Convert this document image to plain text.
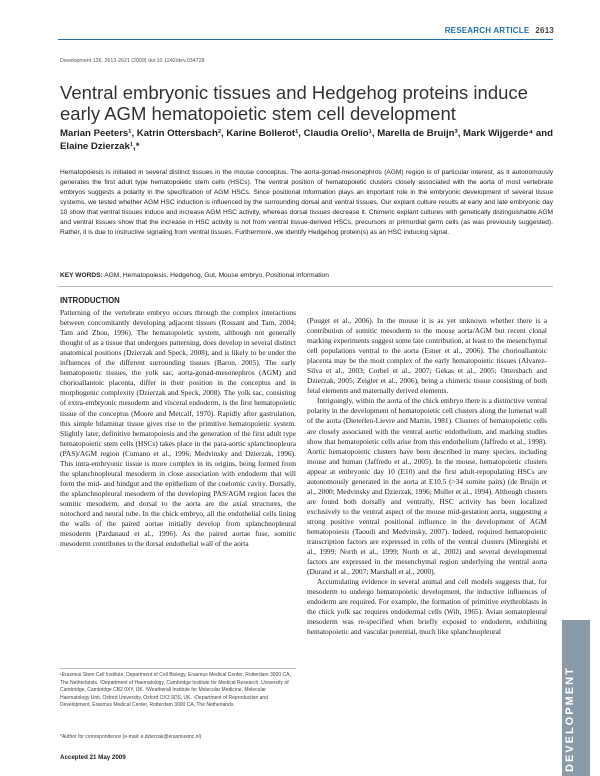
RESEARCH ARTICLE 2613
Development 136, 2613-2621 (2009) doi:10.1242/dev.034728
Ventral embryonic tissues and Hedgehog proteins induce early AGM hematopoietic stem cell development
Marian Peeters¹, Katrin Ottersbach², Karine Bollerot¹, Claudia Orelio¹, Marella de Bruijn³, Mark Wijgerde⁴ and Elaine Dzierzak¹,*
Hematopoiesis is initiated in several distinct tissues in the mouse conceptus. The aorta-gonad-mesonephros (AGM) region is of particular interest, as it autonomously generates the first adult type hematopoietic stem cells (HSCs). The ventral position of hematopoietic clusters closely associated with the aorta of most vertebrate embryos suggests a polarity in the specification of AGM HSCs. Since positional information plays an important role in the embryonic development of several tissue systems, we tested whether AGM HSC induction is influenced by the surrounding dorsal and ventral tissues. Our explant culture results at early and late embryonic day 10 show that ventral tissues induce and increase AGM HSC activity, whereas dorsal tissues decrease it. Chimeric explant cultures with genetically distinguishable AGM and ventral tissues show that the increase in HSC activity is not from ventral tissue-derived HSCs, precursors or primordial germ cells (as was previously suggested). Rather, it is due to instructive signaling from ventral tissues. Furthermore, we identify Hedgehog protein(s) as an HSC inducing signal.
KEY WORDS: AGM, Hematopoiesis, Hedgehog, Gut, Mouse embryo, Positional information
INTRODUCTION

Patterning of the vertebrate embryo occurs through the complex interactions between concomitantly developing adjacent tissues (Rossant and Tam, 2004; Tam and Zhou, 1996). The hematopoietic system, although not generally thought of as a tissue that undergoes patterning, does develop in several distinct anatomical positions (Dzierzak and Speck, 2008), and is likely to be under the influences of the different surrounding tissues (Baron, 2005). The early hematopoietic tissues, the yolk sac, aorta-gonad-mesonephros (AGM) and chorioallantoic placenta, differ in their position in the conceptus and in morphogenic complexity (Dzierzak and Speck, 2008). The yolk sac, consisting of extra-embryonic mesoderm and visceral endoderm, is the first hematopoietic tissue of the conceptus (Moore and Metcalf, 1970). Rapidly after gastrulation, this simple bilaminar tissue gives rise to the primitive hematopoietic system. Slightly later, definitive hematopoiesis and the generation of the first adult type hematopoietic stem cells (HSCs) takes place in the para-aortic splanchnopleura (PAS)/AGM region (Cumano et al., 1996; Medvinsky and Dzierzak, 1996). This intra-embryonic tissue is more complex in its origins, being formed from the splanchnopleural mesoderm in close association with endoderm that will form the mid- and hindgut and the epithelium of the coelomic cavity. Dorsally, the splanchnopleural mesoderm of the developing PAS/AGM region faces the somitic mesoderm, and dorsal to the aorta are the axial structures, the notochord and neural tube. In the chick embryo, all the endothelial cells lining the walls of the paired aortae initially develop from splanchnopleural mesoderm (Pardanaud et al., 1996). As the paired aortae fuse, somitic mesoderm contributes to the dorsal endothelial wall of the aorta

(Pouget et al., 2006). In the mouse it is as yet unknown whether there is a contribution of somitic mesoderm to the mouse aorta/AGM but recent clonal marking experiments suggest some late contribution, at least to the mesenchymal cell populations ventral to the aorta (Esner et al., 2006). The chorioallantoic placenta may be the most complex of the early hematopoietic tissues (Alvarez-Silva et al., 2003; Corbel et al., 2007; Gekas et al., 2005; Ottersbach and Dzierzak, 2005; Zeigler et al., 2006), being a chimeric tissue consisting of both fetal elements and maternally derived elements.

Intriguingly, within the aorta of the chick embryo there is a distinctive ventral polarity in the development of hematopoietic cell clusters along the lumenal wall of the aorta (Dieterlen-Lievre and Martin, 1981). Clusters of hematopoietic cells are closely associated with the ventral aortic endothelium, and marking studies show that hematopoietic cells arise from this endothelium (Jaffredo et al., 1998). Aortic hematopoietic clusters have been described in many species, including mouse and human (Jaffredo et al., 2005). In the mouse, hematopoietic clusters appear at embryonic day 10 (E10) and the first adult-repopulating HSCs are autonomously generated in the aorta at E10.5 (>34 somite pairs) (de Bruijn et al., 2000; Medvinsky and Dzierzak, 1996; Muller et al., 1994). Although clusters are found both dorsally and ventrally, HSC activity has been localized exclusively to the ventral aspect of the mouse mid-gestation aorta, suggesting a strong positive ventral positional influence in the development of AGM hematopoiesis (Taoudi and Medvinsky, 2007). Indeed, required hematopoietic transcription factors are expressed in cells of the ventral clusters (Minegishi et al., 1999; North et al., 1999; North et al., 2002) and several developmental factors are expressed in the mesenchymal region underlying the ventral aorta (Durand et al., 2007; Marshall et al., 2000).

Accumulating evidence in several animal and cell models suggests that, for mesoderm to undergo hematopoietic development, the inductive influences of endoderm are required. For example, the formation of primitive erythroblasts in the chick yolk sac requires endodermal cells (Wilt, 1965). Avian somatopleural mesoderm was re-specified when briefly exposed to endoderm, exhibiting hematopoietic and vascular potential, much like splanchnopleural

¹Erasmus Stem Cell Institute, Department of Cell Biology, Erasmus Medical Center, Rotterdam 3000 CA, The Netherlands. ²Department of Haematology, Cambridge Institute for Medical Research, University of Cambridge, Cambridge CB2 0XY, UK. ³Weatherall Institute for Molecular Medicine, Molecular Haematology Unit, Oxford University, Oxford OX3 9DS, UK. ⁴Department of Reproduction and Development, Erasmus Medical Center, Rotterdam 3000 CA, The Netherlands.

*Author for correspondence (e-mail: e.dzierzak@erasmusmc.nl)
Accepted 21 May 2009	DEVELOPMENT
